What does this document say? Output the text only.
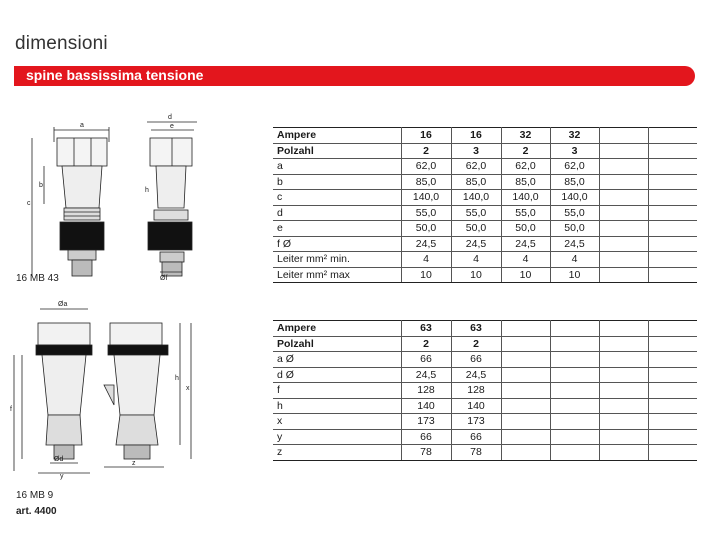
dimensioni
spine bassissima tensione
a
b
c
d
e
h
Øf
16 MB 43
Øa
f
Ød
y
h
x
z
16 MB 9
art. 4400
Ampere	16	16	32	32		
Polzahl	2	3	2	3		
a	62,0	62,0	62,0	62,0		
b	85,0	85,0	85,0	85,0		
c	140,0	140,0	140,0	140,0		
d	55,0	55,0	55,0	55,0		
e	50,0	50,0	50,0	50,0		
f Ø	24,5	24,5	24,5	24,5		
Leiter mm² min.	4	4	4	4		
Leiter mm² max	10	10	10	10		
Ampere	63	63				
Polzahl	2	2				
a Ø	66	66				
d Ø	24,5	24,5				
f	128	128				
h	140	140				
x	173	173				
y	66	66				
z	78	78				
